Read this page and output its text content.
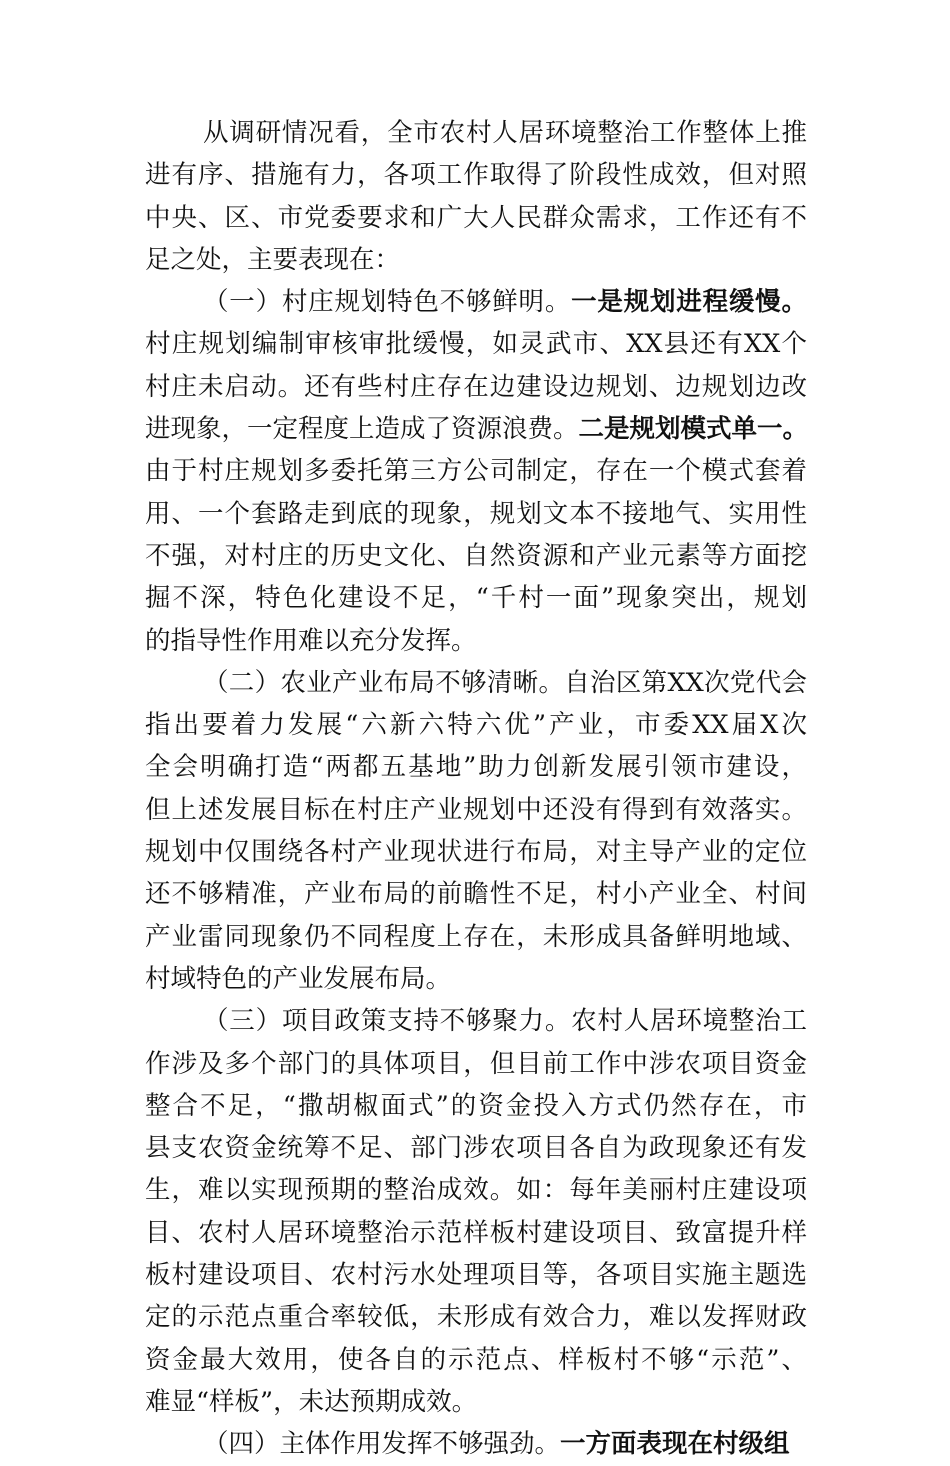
从调研情况看，全市农村人居环境整治工作整体上推
进有序、措施有力，各项工作取得了阶段性成效，但对照
中央、区、市党委要求和广大人民群众需求，工作还有不
足之处，主要表现在：
（一）村庄规划特色不够鲜明。一是规划进程缓慢。
村庄规划编制审核审批缓慢，如灵武市、XX县还有XX个
村庄未启动。还有些村庄存在边建设边规划、边规划边改
进现象，一定程度上造成了资源浪费。二是规划模式单一。
由于村庄规划多委托第三方公司制定，存在一个模式套着
用、一个套路走到底的现象，规划文本不接地气、实用性
不强，对村庄的历史文化、自然资源和产业元素等方面挖
掘不深，特色化建设不足，“千村一面”现象突出，规划
的指导性作用难以充分发挥。
（二）农业产业布局不够清晰。自治区第XX次党代会
指出要着力发展“六新六特六优”产业，市委XX届X次
全会明确打造“两都五基地”助力创新发展引领市建设，
但上述发展目标在村庄产业规划中还没有得到有效落实。
规划中仅围绕各村产业现状进行布局，对主导产业的定位
还不够精准，产业布局的前瞻性不足，村小产业全、村间
产业雷同现象仍不同程度上存在，未形成具备鲜明地域、
村域特色的产业发展布局。
（三）项目政策支持不够聚力。农村人居环境整治工
作涉及多个部门的具体项目，但目前工作中涉农项目资金
整合不足，“撒胡椒面式”的资金投入方式仍然存在，市
县支农资金统筹不足、部门涉农项目各自为政现象还有发
生，难以实现预期的整治成效。如：每年美丽村庄建设项
目、农村人居环境整治示范样板村建设项目、致富提升样
板村建设项目、农村污水处理项目等，各项目实施主题选
定的示范点重合率较低，未形成有效合力，难以发挥财政
资金最大效用，使各自的示范点、样板村不够“示范”、
难显“样板”，未达预期成效。
（四）主体作用发挥不够强劲。一方面表现在村级组
